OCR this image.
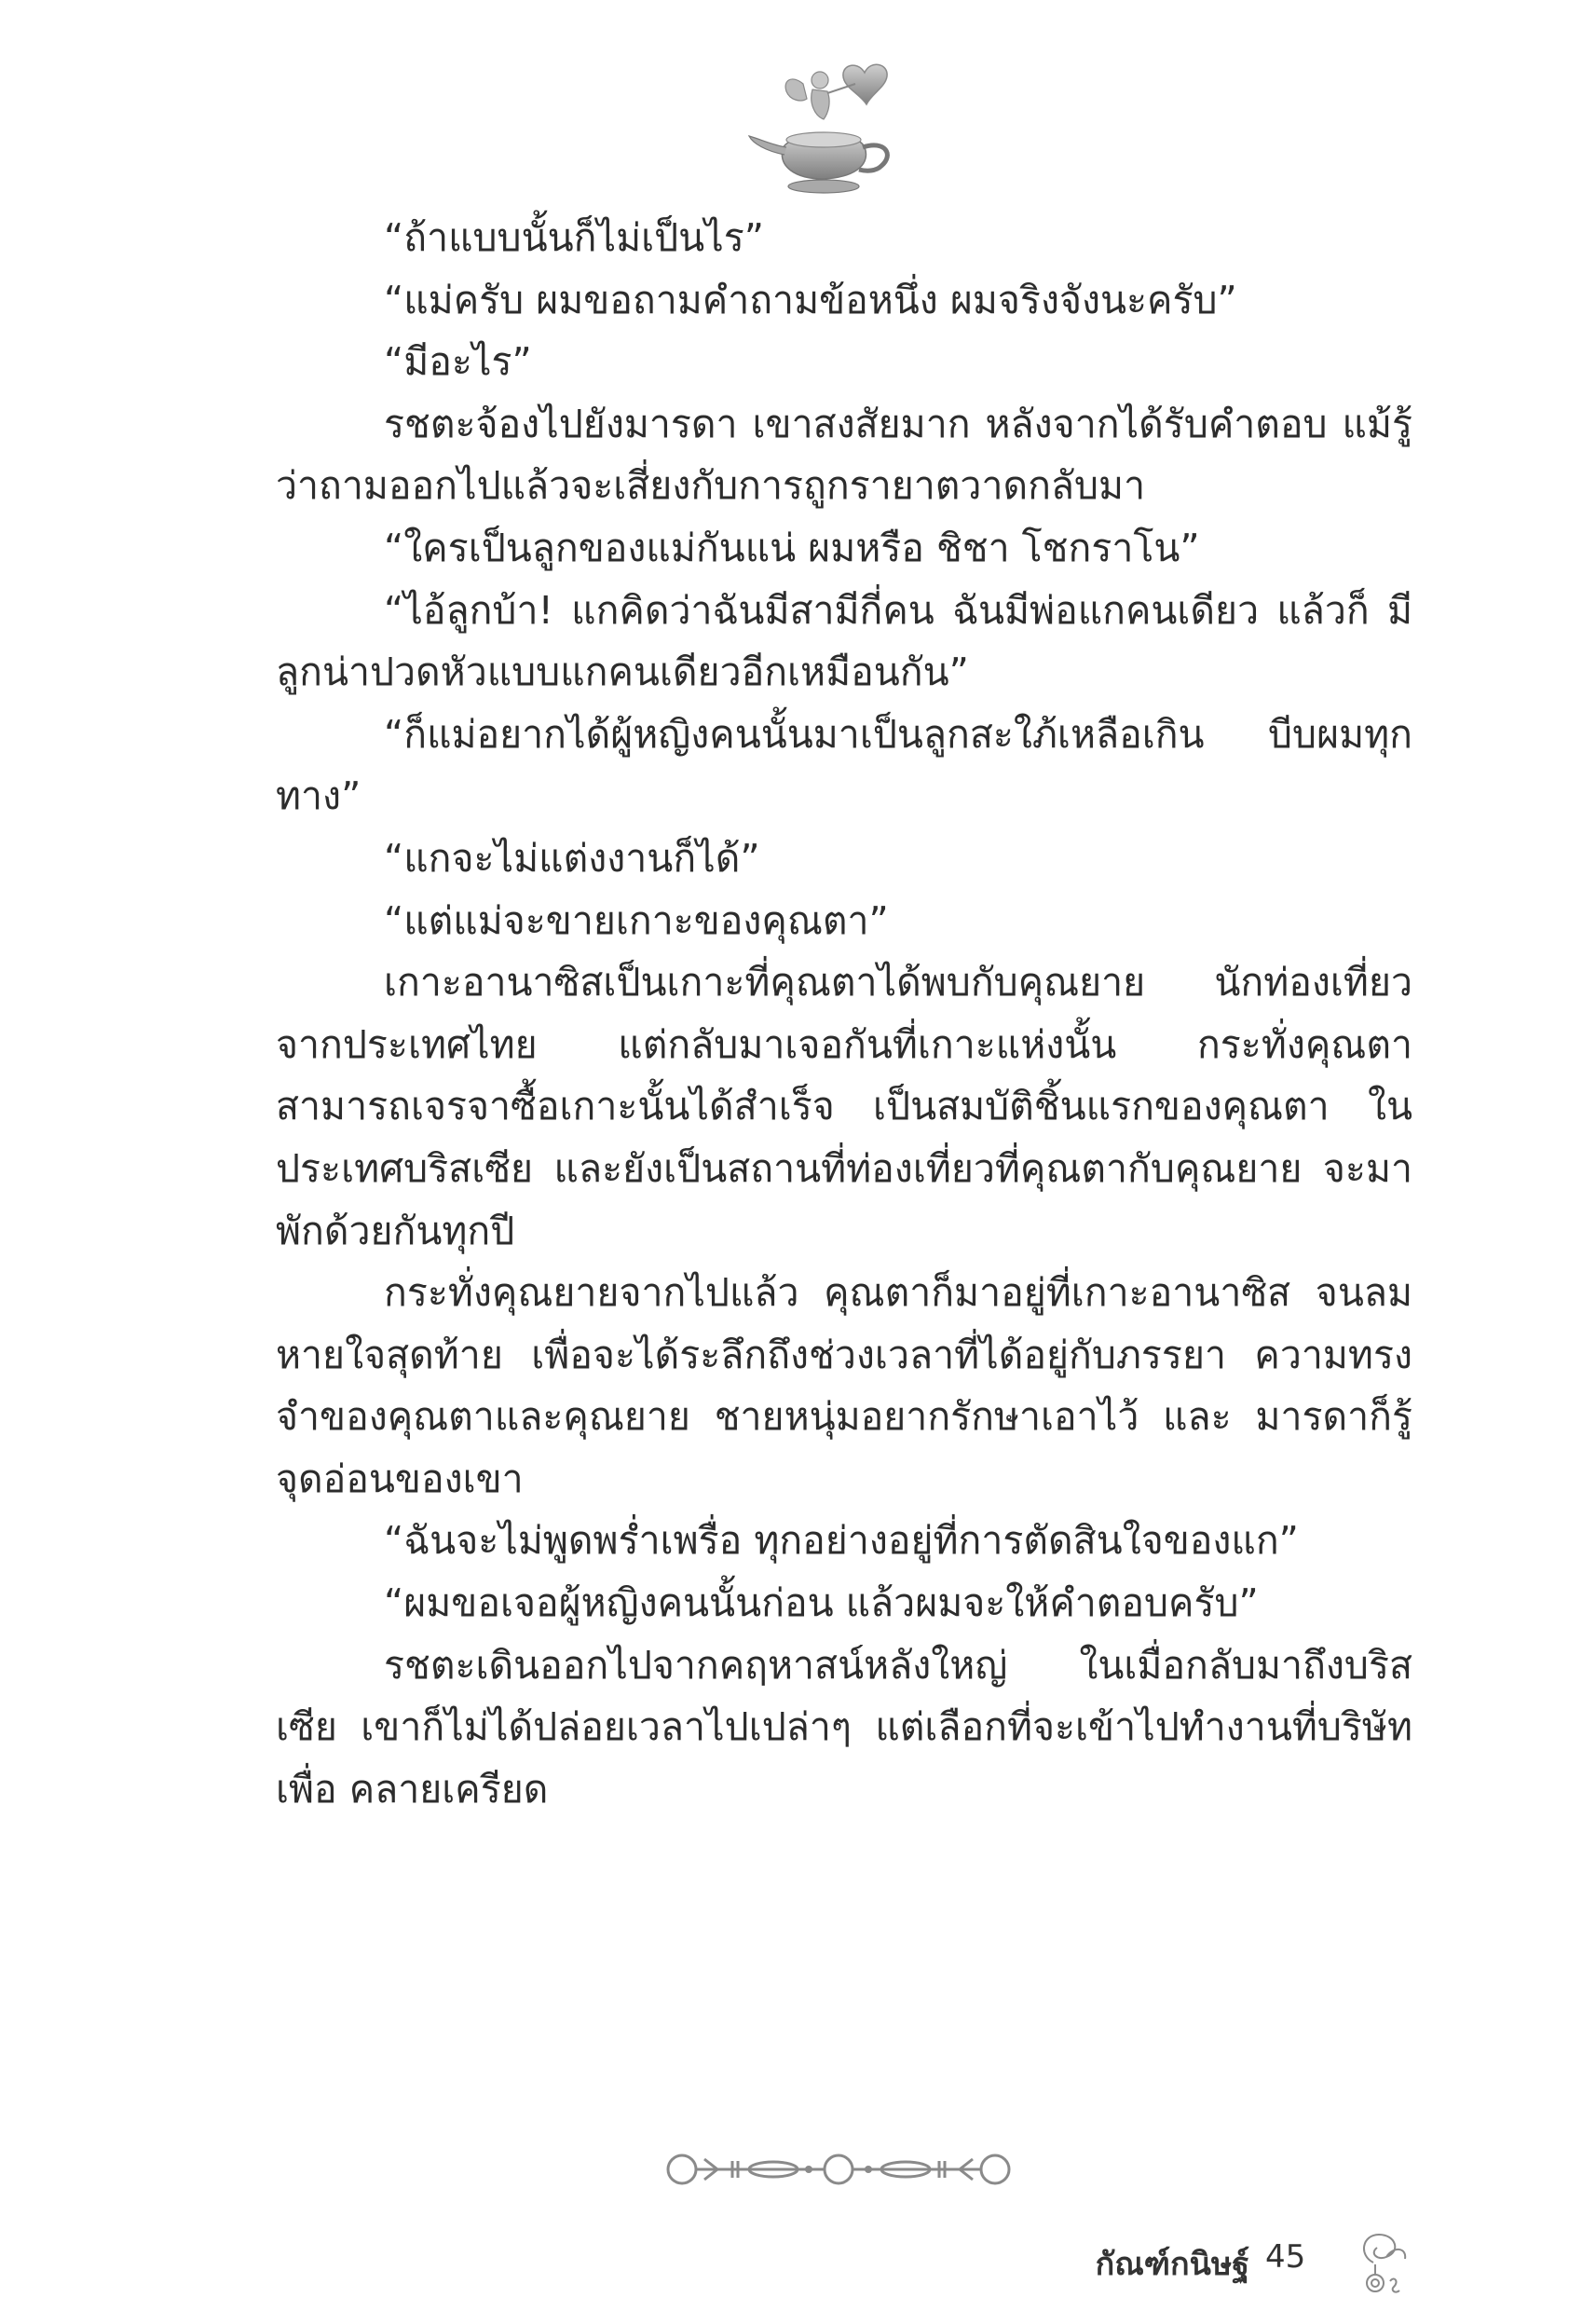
“ถ้าแบบนั้นก็ไม่เป็นไร”

“แม่ครับ ผมขอถามคำถามข้อหนึ่ง ผมจริงจังนะครับ”

“มีอะไร”

รชตะจ้องไปยังมารดา เขาสงสัยมาก หลังจากได้รับคำตอบ แม้รู้ว่าถามออกไปแล้วจะเสี่ยงกับการถูกรายาตวาดกลับมา

“ใครเป็นลูกของแม่กันแน่ ผมหรือ ชิชา โชกราโน”

“ไอ้ลูกบ้า! แกคิดว่าฉันมีสามีกี่คน ฉันมีพ่อแกคนเดียว แล้วก็ มีลูกน่าปวดหัวแบบแกคนเดียวอีกเหมือนกัน”

“ก็แม่อยากได้ผู้หญิงคนนั้นมาเป็นลูกสะใภ้เหลือเกิน บีบผมทุกทาง”

“แกจะไม่แต่งงานก็ได้”

“แต่แม่จะขายเกาะของคุณตา”

เกาะอานาซิสเป็นเกาะที่คุณตาได้พบกับคุณยาย นักท่องเที่ยว จากประเทศไทย แต่กลับมาเจอกันที่เกาะแห่งนั้น กระทั่งคุณตา สามารถเจรจาซื้อเกาะนั้นได้สำเร็จ เป็นสมบัติชิ้นแรกของคุณตา ในประเทศบริสเซีย และยังเป็นสถานที่ท่องเที่ยวที่คุณตากับคุณยาย จะมาพักด้วยกันทุกปี

กระทั่งคุณยายจากไปแล้ว คุณตาก็มาอยู่ที่เกาะอานาซิส จนลมหายใจสุดท้าย เพื่อจะได้ระลึกถึงช่วงเวลาที่ได้อยู่กับภรรยา ความทรงจำของคุณตาและคุณยาย ชายหนุ่มอยากรักษาเอาไว้ และ มารดาก็รู้จุดอ่อนของเขา

“ฉันจะไม่พูดพร่ำเพรื่อ ทุกอย่างอยู่ที่การตัดสินใจของแก”

“ผมขอเจอผู้หญิงคนนั้นก่อน แล้วผมจะให้คำตอบครับ”

รชตะเดินออกไปจากคฤหาสน์หลังใหญ่ ในเมื่อกลับมาถึงบริสเซีย เขาก็ไม่ได้ปล่อยเวลาไปเปล่าๆ แต่เลือกที่จะเข้าไปทำงานที่บริษัทเพื่อ คลายเครียด

กัณฑ์กนิษฐ์ 45
